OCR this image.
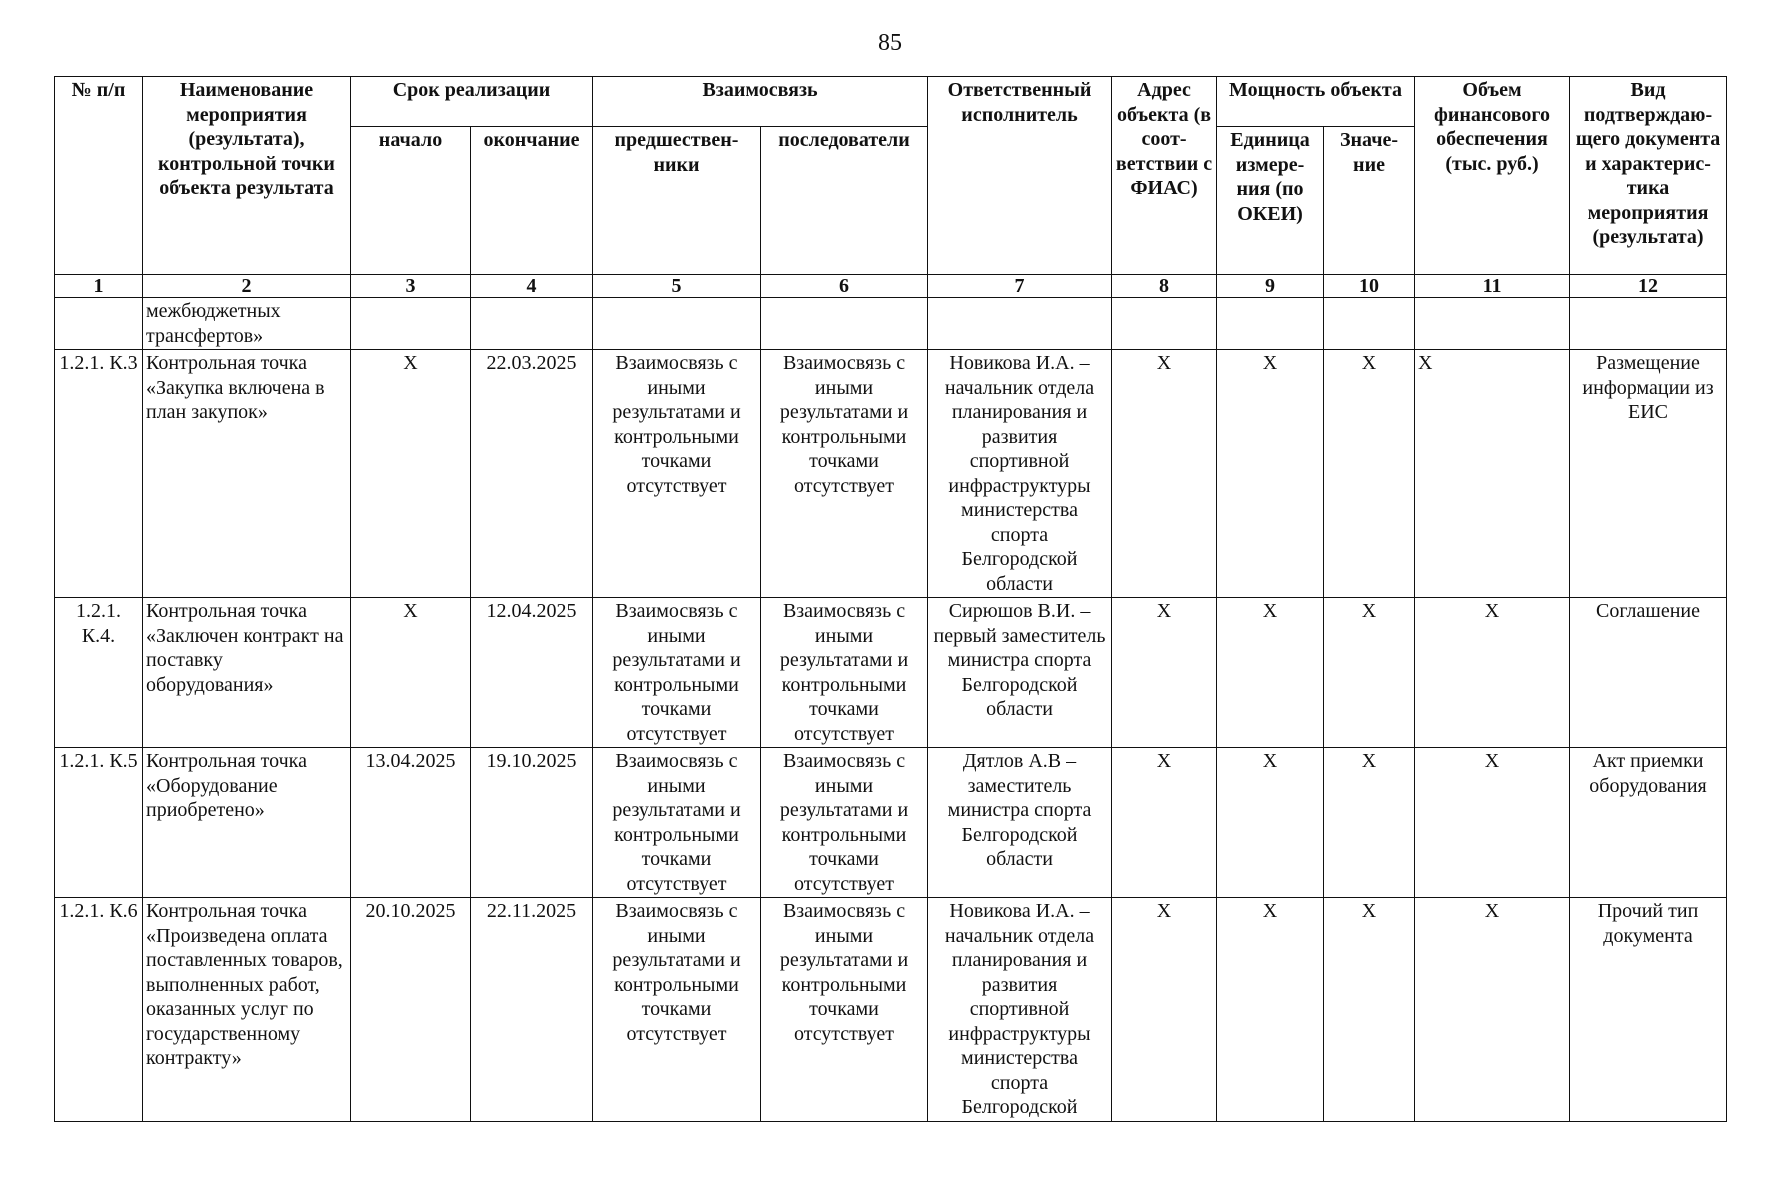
85
№ п/п	Наименование мероприятия (результата), контрольной точки объекта результата	Срок реализации		Взаимосвязь		Ответственный исполнитель	Адрес объекта (в соот-ветствии с ФИАС)	Мощность объекта		Объем финансового обеспечения (тыс. руб.)	Вид подтверждаю-щего документа и характерис-тика мероприятия (результата)
		начало	окончание	предшествен-ники	последователи			Единица измере-ния (по ОКЕИ)	Значе-ние		
1	2	3	4	5	6	7	8	9	10	11	12
	межбюджетных трансфертов»										
1.2.1. К.3	Контрольная точка «Закупка включена в план закупок»	X	22.03.2025	Взаимосвязь с иными результатами и контрольными точками отсутствует	Взаимосвязь с иными результатами и контрольными точками отсутствует	Новикова И.А. – начальник отдела планирования и развития спортивной инфраструктуры министерства спорта Белгородской области	X	X	X	X	Размещение информации из ЕИС
1.2.1. К.4.	Контрольная точка «Заключен контракт на поставку оборудования»	X	12.04.2025	Взаимосвязь с иными результатами и контрольными точками отсутствует	Взаимосвязь с иными результатами и контрольными точками отсутствует	Сирюшов В.И. – первый заместитель министра спорта Белгородской области	X	X	X	X	Соглашение
1.2.1. К.5	Контрольная точка «Оборудование приобретено»	13.04.2025	19.10.2025	Взаимосвязь с иными результатами и контрольными точками отсутствует	Взаимосвязь с иными результатами и контрольными точками отсутствует	Дятлов А.В – заместитель министра спорта Белгородской области	X	X	X	X	Акт приемки оборудования
1.2.1. К.6	Контрольная точка «Произведена оплата поставленных товаров, выполненных работ, оказанных услуг по государственному контракту»	20.10.2025	22.11.2025	Взаимосвязь с иными результатами и контрольными точками отсутствует	Взаимосвязь с иными результатами и контрольными точками отсутствует	Новикова И.А. – начальник отдела планирования и развития спортивной инфраструктуры министерства спорта Белгородской	X	X	X	X	Прочий тип документа
